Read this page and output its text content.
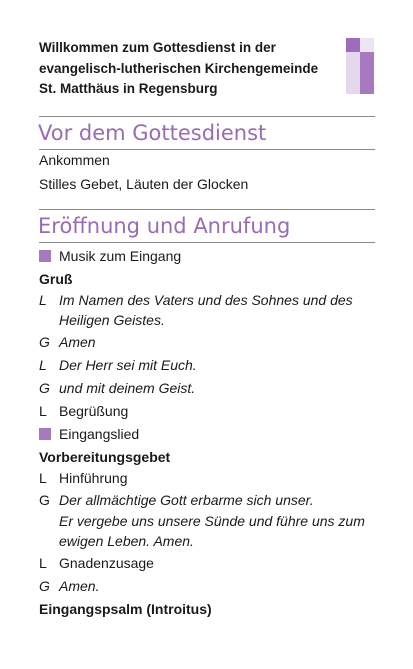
Willkommen zum Gottesdienst in der
evangelisch-lutherischen Kirchengemeinde
St. Matthäus in Regensburg
Vor dem Gottesdienst
Ankommen
Stilles Gebet, Läuten der Glocken
Eröffnung und Anrufung
Musik zum Eingang
Gruß
L Im Namen des Vaters und des Sohnes und des
Heiligen Geistes.
G Amen
L Der Herr sei mit Euch.
G und mit deinem Geist.
L Begrüßung
Eingangslied
Vorbereitungsgebet
L Hinführung
G Der allmächtige Gott erbarme sich unser.
Er vergebe uns unsere Sünde und führe uns zum
ewigen Leben. Amen.
L Gnadenzusage
G Amen.
Eingangspsalm (Introitus)
